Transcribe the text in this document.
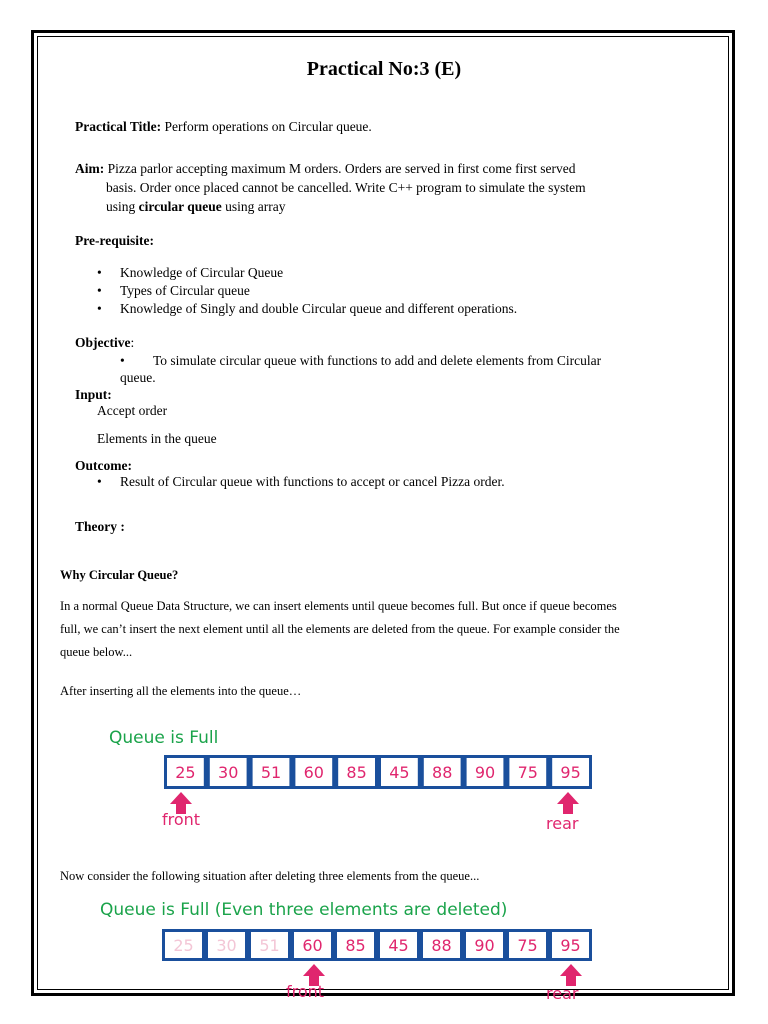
Practical No:3 (E)
Practical Title: Perform operations on Circular queue.
Aim: Pizza parlor accepting maximum M orders. Orders are served in first come first served
basis. Order once placed cannot be cancelled. Write C++ program to simulate the system
using circular queue using array
Pre-requisite:
• Knowledge of Circular Queue
• Types of Circular queue
• Knowledge of Singly and double Circular queue and different operations.
Objective:
• To simulate circular queue with functions to add and delete elements from Circular
queue.
Input:
Accept order
Elements in the queue
Outcome:
• Result of Circular queue with functions to accept or cancel Pizza order.
Theory :
Why Circular Queue?
In a normal Queue Data Structure, we can insert elements until queue becomes full. But once if queue becomes
full, we can’t insert the next element until all the elements are deleted from the queue. For example consider the
queue below...
After inserting all the elements into the queue…
Queue is Full
25 30 51 60 85 45 88 90 75 95
front	rear
Now consider the following situation after deleting three elements from the queue...
Queue is Full (Even three elements are deleted)
25 30 51 60 85 45 88 90 75 95
front	rear
